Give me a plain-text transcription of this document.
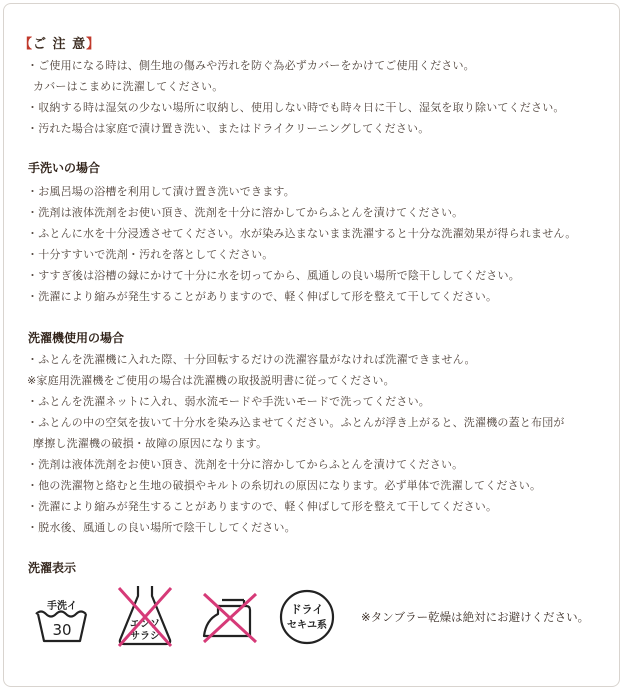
【ご 注 意】
・ご使用になる時は、側生地の傷みや汚れを防ぐ為必ずカバーをかけてご使用ください。
カバーはこまめに洗濯してください。
・収納する時は湿気の少ない場所に収納し、使用しない時でも時々日に干し、湿気を取り除いてください。
・汚れた場合は家庭で漬け置き洗い、またはドライクリーニングしてください。
手洗いの場合
・お風呂場の浴槽を利用して漬け置き洗いできます。
・洗剤は液体洗剤をお使い頂き、洗剤を十分に溶かしてからふとんを漬けてください。
・ふとんに水を十分浸透させてください。水が染み込まないまま洗濯すると十分な洗濯効果が得られません。
・十分すすいで洗剤・汚れを落としてください。
・すすぎ後は浴槽の縁にかけて十分に水を切ってから、風通しの良い場所で陰干ししてください。
・洗濯により縮みが発生することがありますので、軽く伸ばして形を整えて干してください。
洗濯機使用の場合
・ふとんを洗濯機に入れた際、十分回転するだけの洗濯容量がなければ洗濯できません。
※家庭用洗濯機をご使用の場合は洗濯機の取扱説明書に従ってください。
・ふとんを洗濯ネットに入れ、弱水流モードや手洗いモードで洗ってください。
・ふとんの中の空気を抜いて十分水を染み込ませてください。ふとんが浮き上がると、洗濯機の蓋と布団が
摩擦し洗濯機の破損・故障の原因になります。
・洗剤は液体洗剤をお使い頂き、洗剤を十分に溶かしてからふとんを漬けてください。
・他の洗濯物と絡むと生地の破損やキルトの糸切れの原因になります。必ず単体で洗濯してください。
・洗濯により縮みが発生することがありますので、軽く伸ばして形を整えて干してください。
・脱水後、風通しの良い場所で陰干ししてください。
洗濯表示
手洗イ
30	エンソ
サラシ
ドライ
セキユ系
※タンブラー乾燥は絶対にお避けください。
